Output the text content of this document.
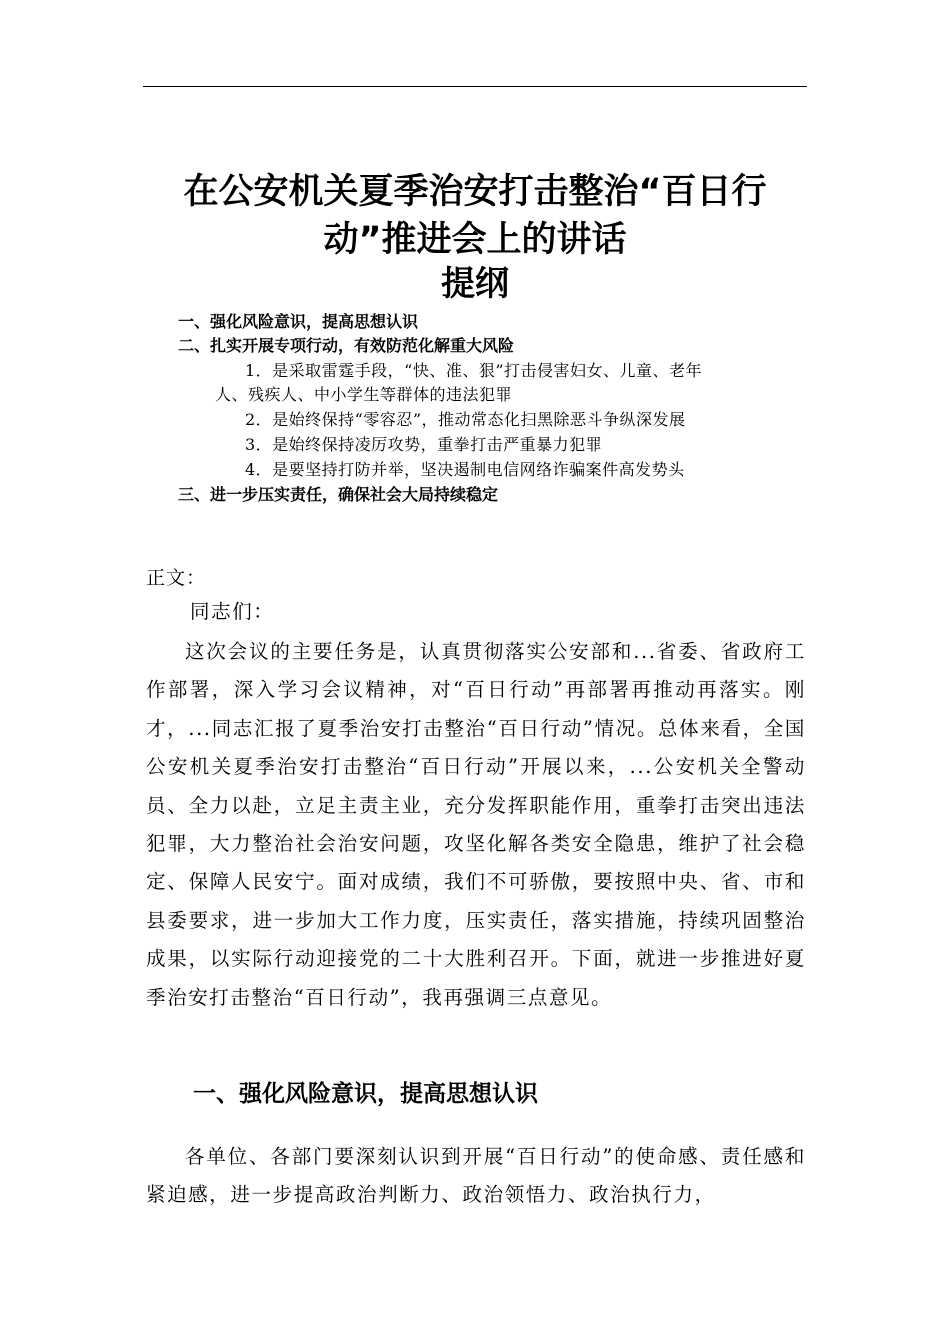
在公安机关夏季治安打击整治“百日行
动”推进会上的讲话
提纲
一、强化风险意识，提高思想认识
二、扎实开展专项行动，有效防范化解重大风险
1．是采取雷霆手段，“快、准、狠”打击侵害妇女、儿童、老年
人、残疾人、中小学生等群体的违法犯罪
2．是始终保持“零容忍”，推动常态化扫黑除恶斗争纵深发展
3．是始终保持凌厉攻势，重拳打击严重暴力犯罪
4．是要坚持打防并举，坚决遏制电信网络诈骗案件高发势头
三、进一步压实责任，确保社会大局持续稳定
正文：
同志们：

这次会议的主要任务是，认真贯彻落实公安部和...省委、省政府工作部署，深入学习会议精神，对“百日行动”再部署再推动再落实。刚才，...同志汇报了夏季治安打击整治“百日行动”情况。总体来看，全国公安机关夏季治安打击整治“百日行动”开展以来，...公安机关全警动员、全力以赴，立足主责主业，充分发挥职能作用，重拳打击突出违法犯罪，大力整治社会治安问题，攻坚化解各类安全隐患，维护了社会稳定、保障人民安宁。面对成绩，我们不可骄傲，要按照中央、省、市和县委要求，进一步加大工作力度，压实责任，落实措施，持续巩固整治成果，以实际行动迎接党的二十大胜利召开。下面，就进一步推进好夏季治安打击整治“百日行动”，我再强调三点意见。

一、强化风险意识，提高思想认识

各单位、各部门要深刻认识到开展“百日行动”的使命感、责任感和紧迫感，进一步提高政治判断力、政治领悟力、政治执行力，
